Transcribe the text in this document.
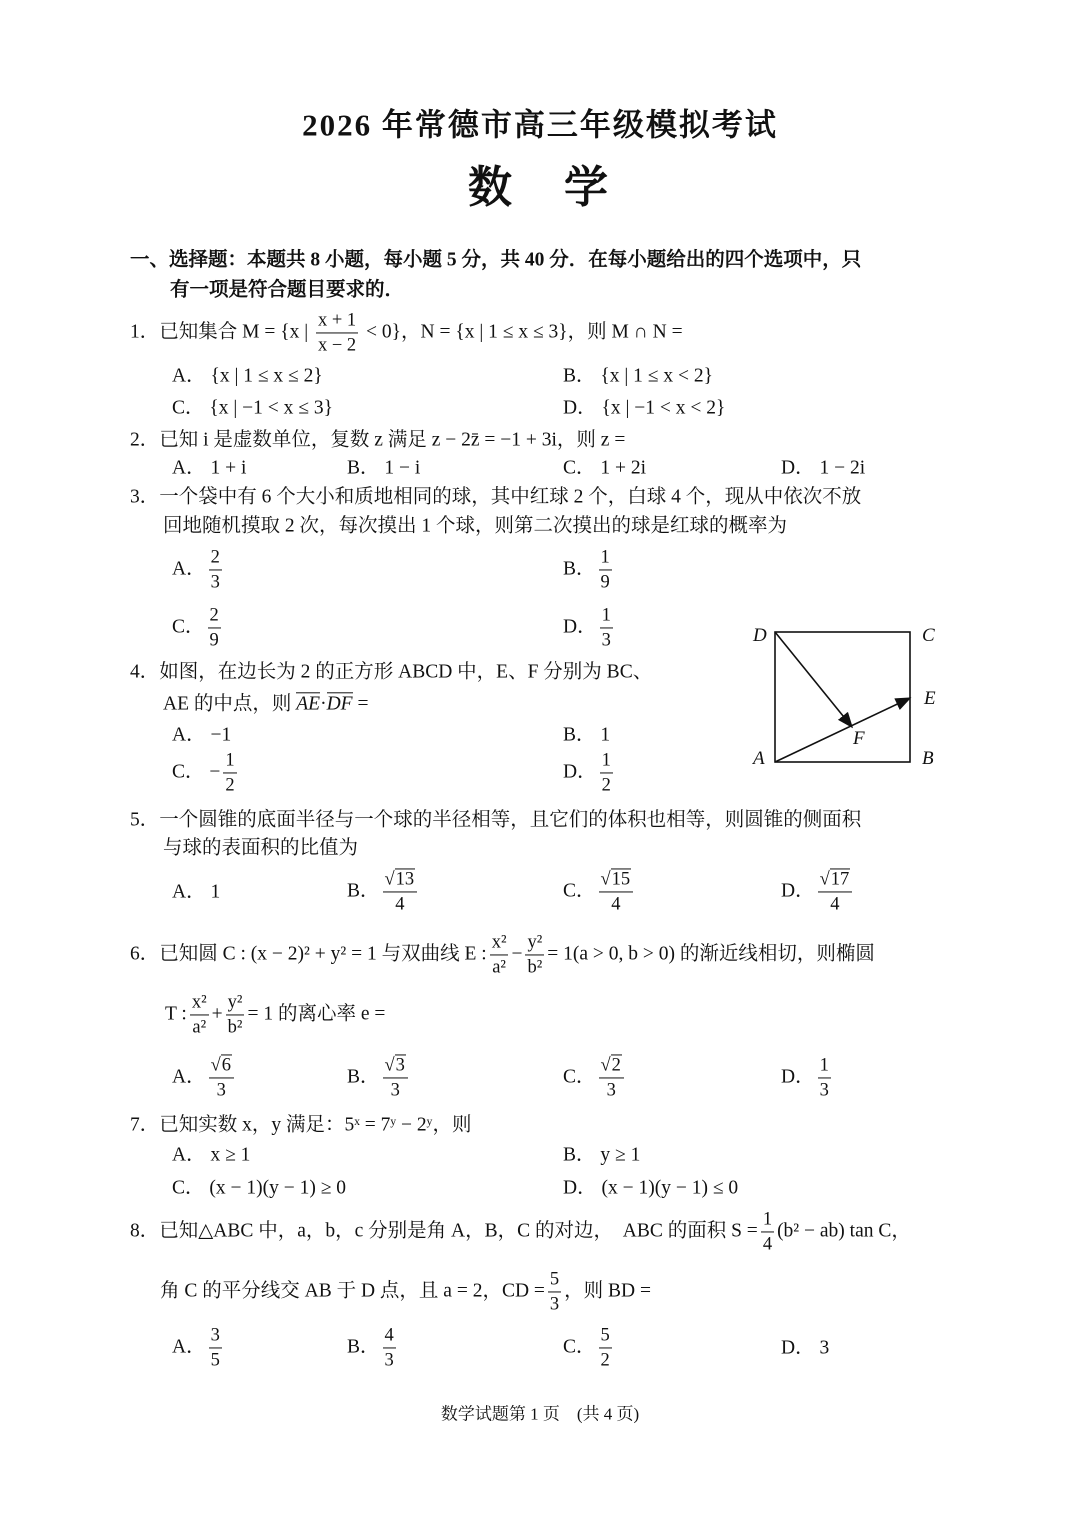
2026 年常德市高三年级模拟考试
数　学
一、选择题：本题共 8 小题，每小题 5 分，共 40 分．在每小题给出的四个选项中，只
有一项是符合题目要求的．
1．已知集合 M = {x | $\frac{x + 1}{x - 2} < 0$}，N = {x | 1 ≤ x ≤ 3}，则 M ∩ N =
A． {x | 1 ≤ x ≤ 2}	B． {x | 1 ≤ x < 2}
C． {x | −1 < x ≤ 3}	D． {x | −1 < x < 2}
2．已知 i 是虚数单位，复数 z 满足 z − 2z̄ = −1 + 3i，则 z =
A． 1 + i	B． 1 − i	C． 1 + 2i	D． 1 − 2i
3．一个袋中有 6 个大小和质地相同的球，其中红球 2 个，白球 4 个，现从中依次不放
回地随机摸取 2 次，每次摸出 1 个球，则第二次摸出的球是红球的概率为
A． $\frac{2}{3}$	B． $\frac{1}{9}$
C． $\frac{2}{9}$	D． $\frac{1}{3}$
4．如图，在边长为 2 的正方形 ABCD 中，E、F 分别为 BC、
AE 的中点，则 AE·DF =
A． −1	B． 1
C． − $\frac{1}{2}$	D． $\frac{1}{2}$
D	C
E
F
A	B
5．一个圆锥的底面半径与一个球的半径相等，且它们的体积也相等，则圆锥的侧面积
与球的表面积的比值为
A． 1	B． $\frac{√13}{4}$	C． $\frac{√15}{4}$	D． $\frac{√17}{4}$
6．已知圆 C : (x − 2)² + y² = 1 与双曲线 E : $\frac{\text{x²}}{\text{a²}} - \frac{\text{y²}}{\text{b²}} = 1(a > 0$, b > 0) 的渐近线相切，则椭圆
T : $\frac{\text{x²}}{\text{a²}} + \frac{\text{y²}}{\text{b²}} = 1$ 的离心率 e =
A． $\frac{√6}{3}$	B． $\frac{√3}{3}$	C． $\frac{√2}{3}$	D． $\frac{1}{3}$
7．已知实数 x，y 满足：5ˣ = 7ʸ − 2ʸ，则
A． x ≥ 1	B． y ≥ 1
C． (x − 1)(y − 1) ≥ 0	D． (x − 1)(y − 1) ≤ 0
8．已知△ABC 中，a，b，c 分别是角 A，B，C 的对边，　ABC 的面积 $S = \frac{1}{4} (b^2 - ab)$ tan C，
角 C 的平分线交 AB 于 D 点，且 a = 2，CD = $\frac{5}{3}$ ，则 BD =
A． $\frac{3}{5}$	B． $\frac{4}{3}$	C． $\frac{5}{2}$	D． 3
数学试题第 1 页　(共 4 页)
